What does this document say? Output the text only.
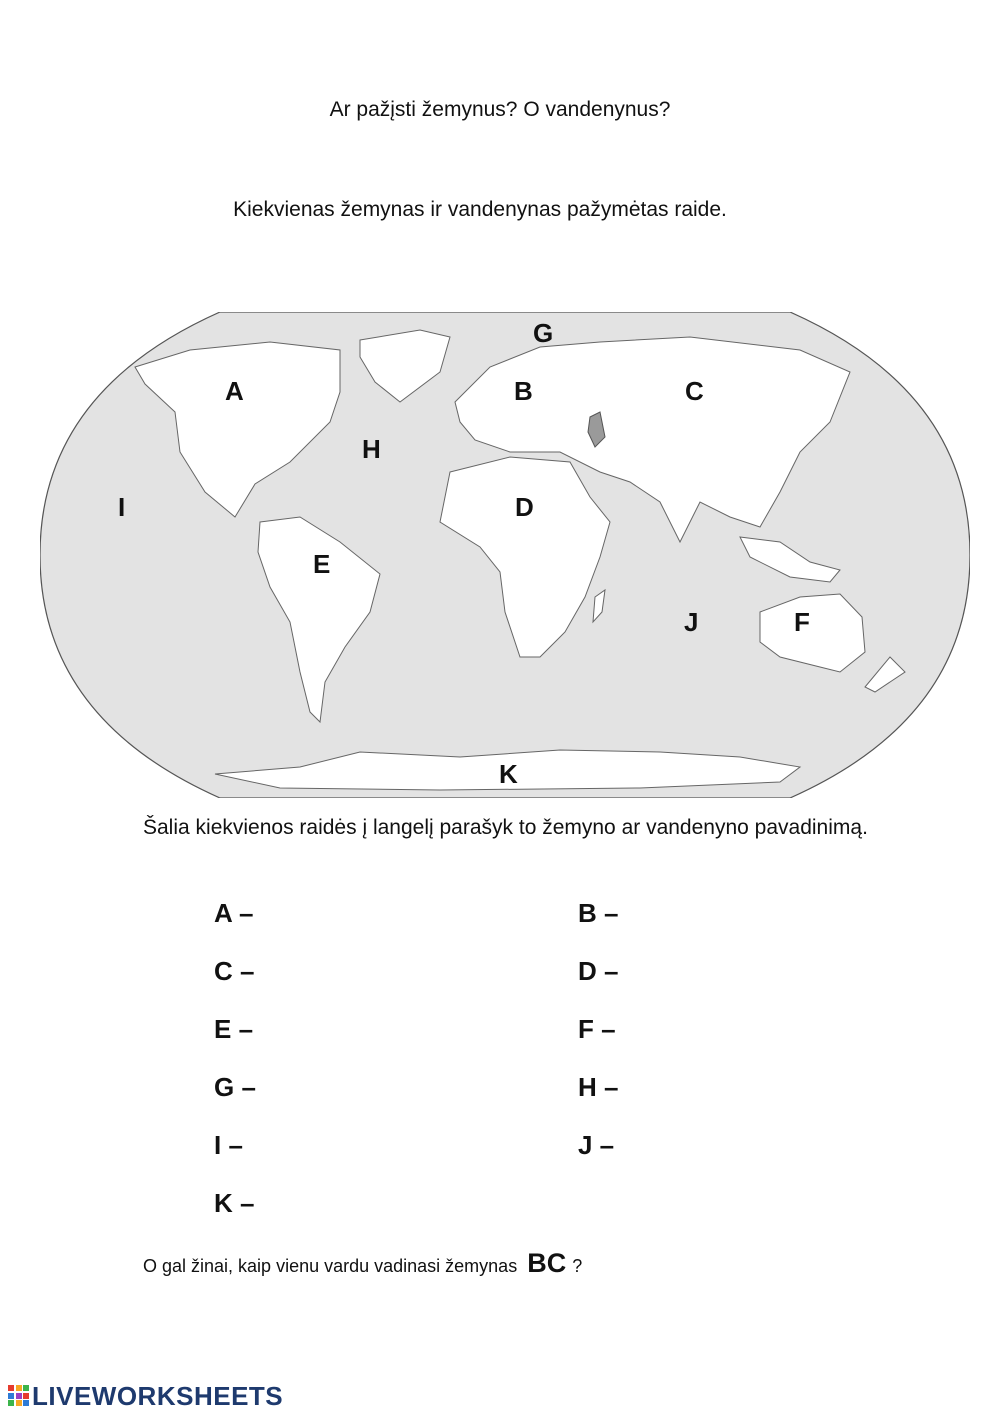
Ar pažįsti žemynus? O vandenynus?
Kiekvienas žemynas ir vandenynas pažymėtas raide.
A	B	C
D
E
F
G
H
I
J
K
Šalia kiekvienos raidės į langelį parašyk to žemyno ar vandenyno pavadinimą.
A –	B –
C –	D –
E –	F –
G –	H –
I –	J –
K –
O gal žinai, kaip vienu vardu vadinasi žemynas BC ?
LIVEWORKSHEETS
